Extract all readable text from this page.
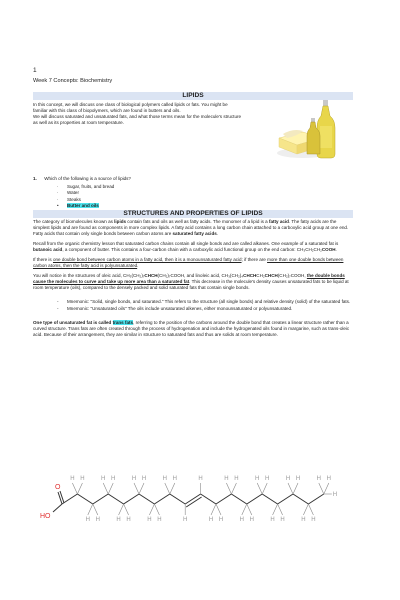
1
Week 7 Concepts: Biochemistry
LIPIDS

In this concept, we will discuss one class of biological polymers called lipids or fats. You might be familiar with this class of biopolymers, which are found in butters and oils.

We will discuss saturated and unsaturated fats, and what those terms mean for the molecule's structure as well as its properties at room temperature.

1. Which of the following is a source of lipids?
· Sugar, fruits, and bread
· Water
· Steaks
• Butter and oils
STRUCTURES AND PROPERTIES OF LIPIDS

The category of biomolecules known as lipids contain fats and oils as well as fatty acids. The monomer of a lipid is a fatty acid. The fatty acids are the simplest lipids and are found as components in more complex lipids. A fatty acid contains a long carbon chain attached to a carboxylic acid group at one end. Fatty acids that contain only single bonds between carbon atoms are saturated fatty acids.

Recall from the organic chemistry lesson that saturated carbon chains contain all single bonds and are called alkanes. One example of a saturated fat is butanoic acid, a component of butter. This contains a four-carbon chain with a carboxylic acid functional group on the end carbon: CH₃CH₂CH₂COOH.

If there is one double bond between carbon atoms in a fatty acid, then it is a monounsaturated fatty acid; if there are more than one double bonds between carbon atoms, then the fatty acid is polyunsaturated.

You will notice in the structures of oleic acid, CH₃(CH₂)₇CHCH(CH₂)₇COOH, and linoleic acid, CH₃(CH₂)₄CHCHCH₂CHCH(CH₂)₇COOH, the double bonds cause the molecules to curve and take up more area than a saturated fat. This decrease in the molecule's density causes unsaturated fats to be liquid at room temperature (oils), compared to the densely packed and solid saturated fats that contain single bonds.

- Mnemonic: "Solid, single bonds, and saturated." This refers to the structure (all single bonds) and relative density (solid) of the saturated fats.
- Mnemonic: "Unsaturated oils" The oils include unsaturated alkenes, either monounsaturated or polyunsaturated.

One type of unsaturated fat is called trans fats, referring to the position of the carbons around the double bond that creates a linear structure rather than a curved structure. Trans fats are often created through the process of hydrogenation and include the hydrogenated oils found in margarine, such as trans-oleic acid. Because of their arrangement, they are similar in structure to saturated fats and thus are solids at room temperature.

H H
H H
H H
H H
H H
H H
H H
H
H
H H
H H
H H
H H
H H
H H
H H
H H
H
O
HO
